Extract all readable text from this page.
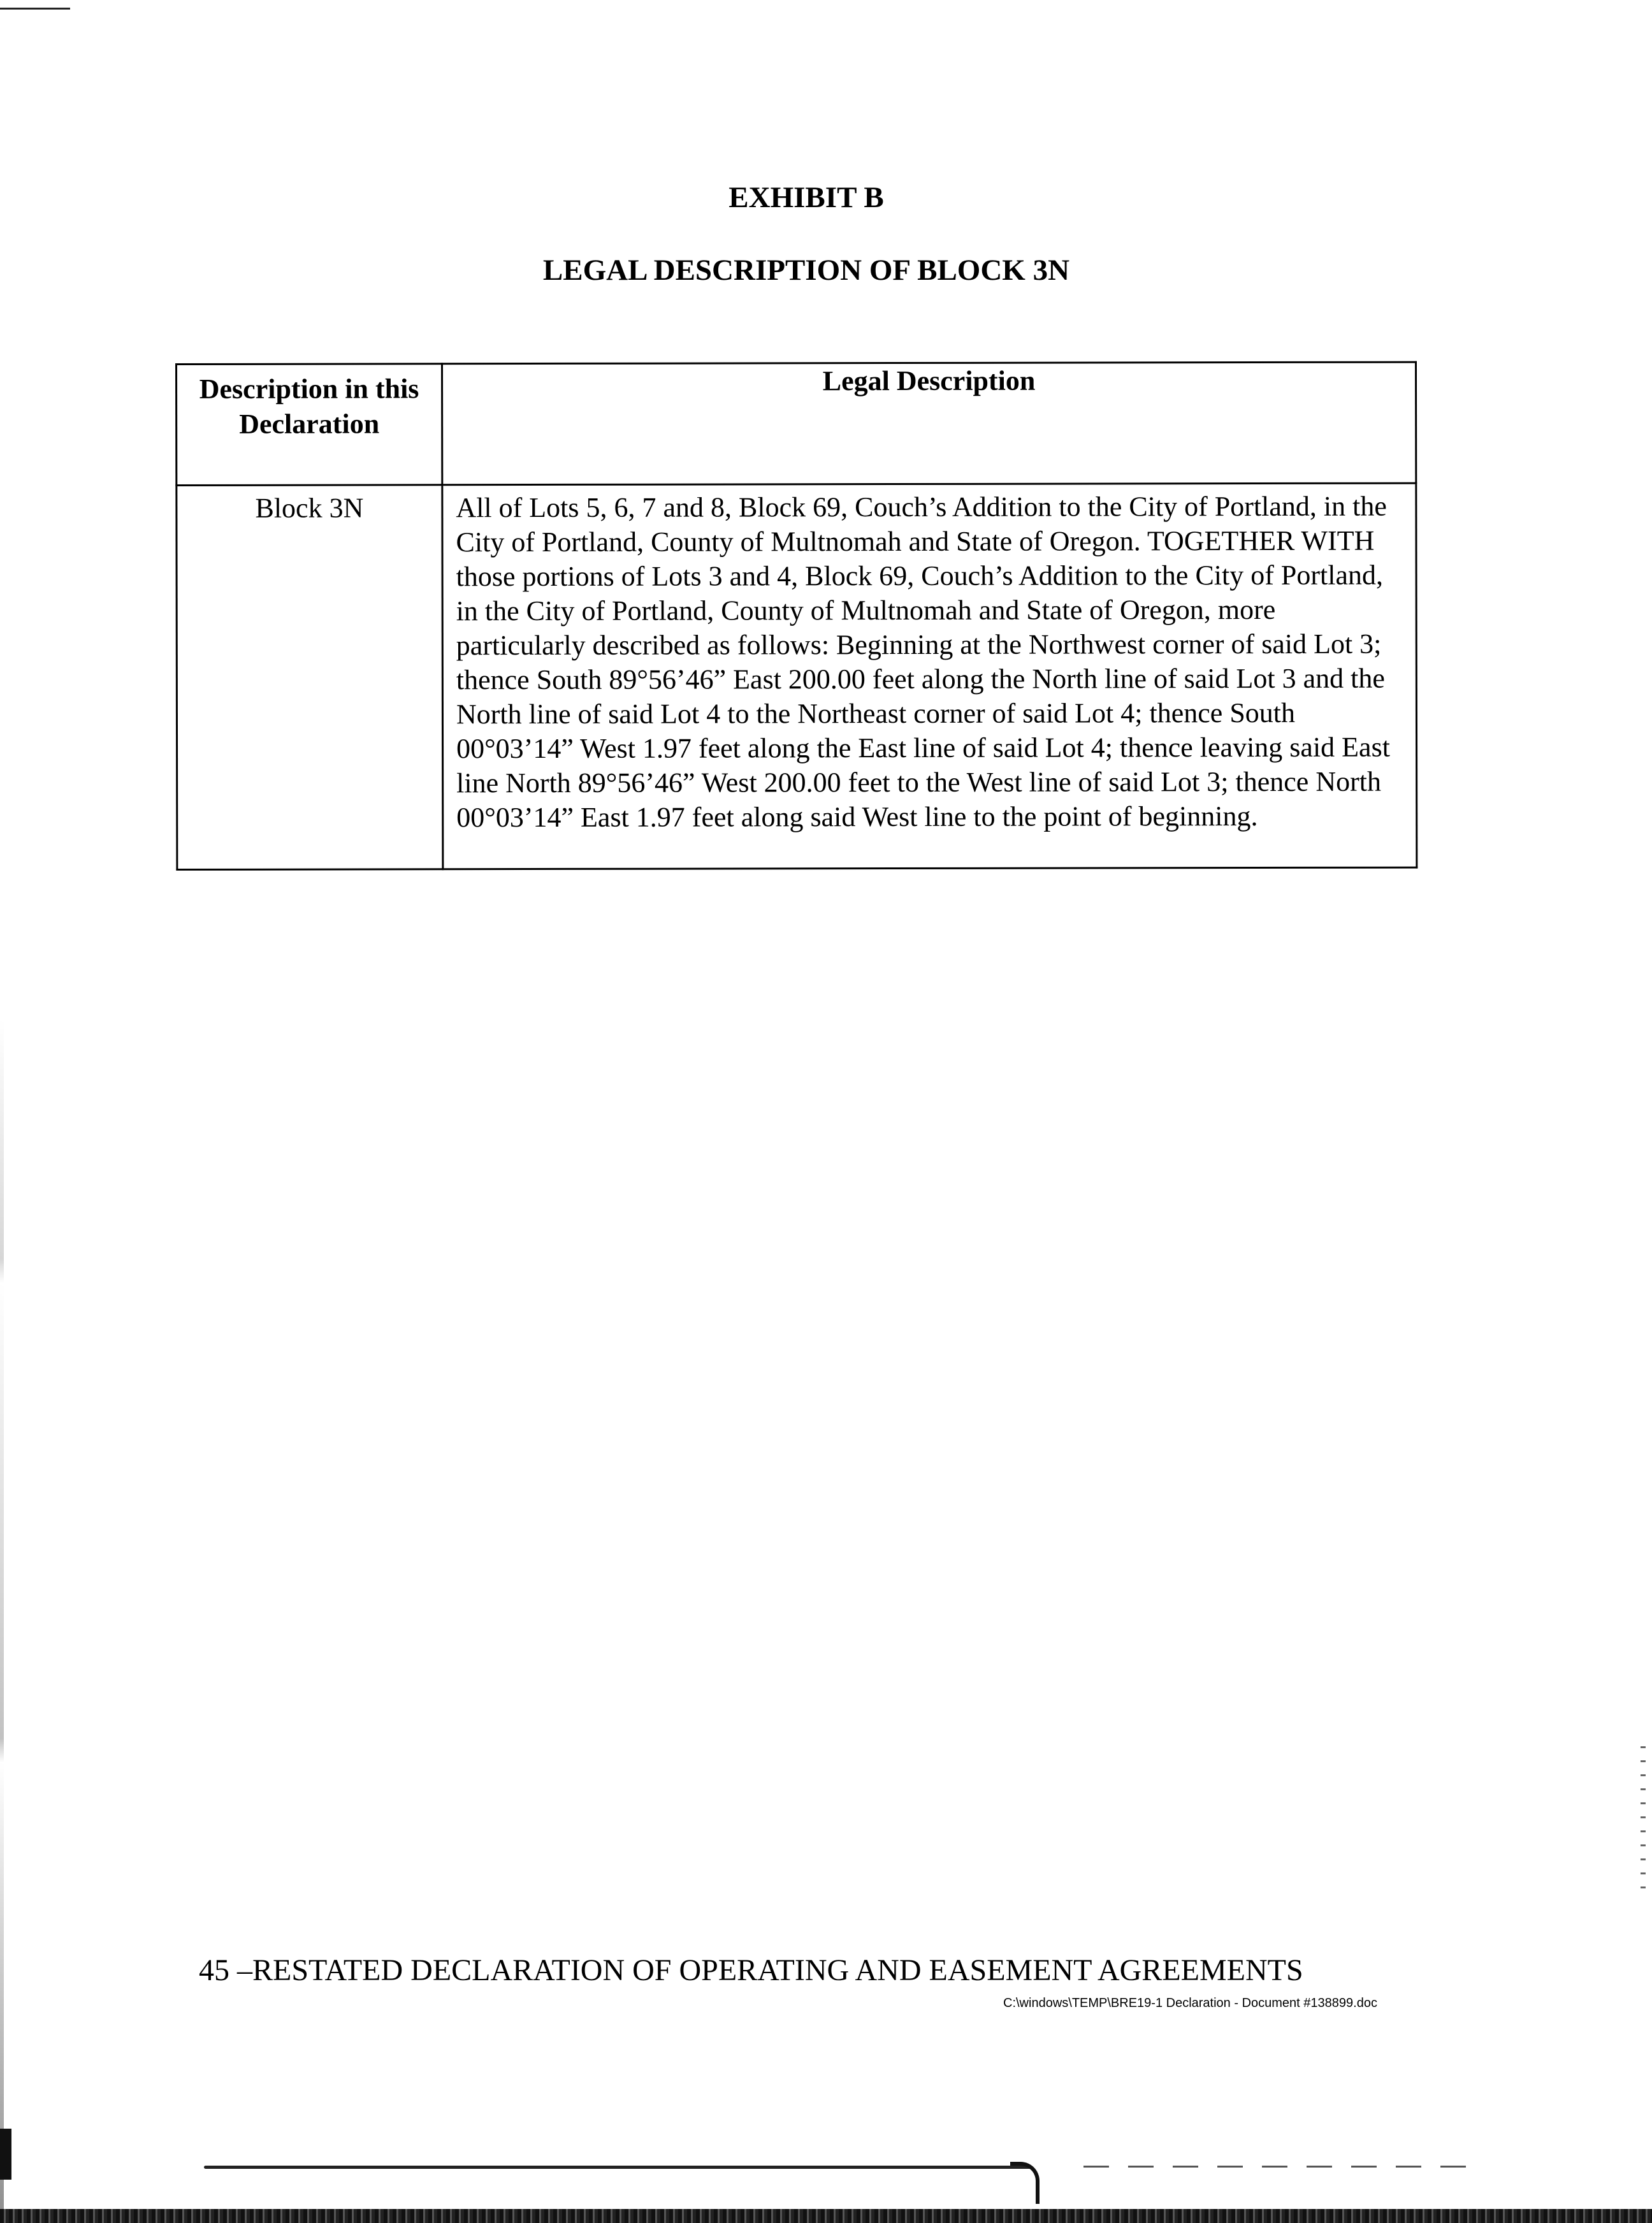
EXHIBIT B
LEGAL DESCRIPTION OF BLOCK 3N
Description in this Declaration	Legal Description
Block 3N	All of Lots 5, 6, 7 and 8, Block 69, Couch’s Addition to the City of Portland, in the City of Portland, County of Multnomah and State of Oregon. TOGETHER WITH those portions of Lots 3 and 4, Block 69, Couch’s Addition to the City of Portland, in the City of Portland, County of Multnomah and State of Oregon, more particularly described as follows: Beginning at the Northwest corner of said Lot 3; thence South 89°56’46” East 200.00 feet along the North line of said Lot 3 and the North line of said Lot 4 to the Northeast corner of said Lot 4; thence South 00°03’14” West 1.97 feet along the East line of said Lot 4; thence leaving said East line North 89°56’46” West 200.00 feet to the West line of said Lot 3; thence North 00°03’14” East 1.97 feet along said West line to the point of beginning.
45 –RESTATED DECLARATION OF OPERATING AND EASEMENT AGREEMENTS
C:\windows\TEMP\BRE19-1 Declaration - Document #138899.doc
